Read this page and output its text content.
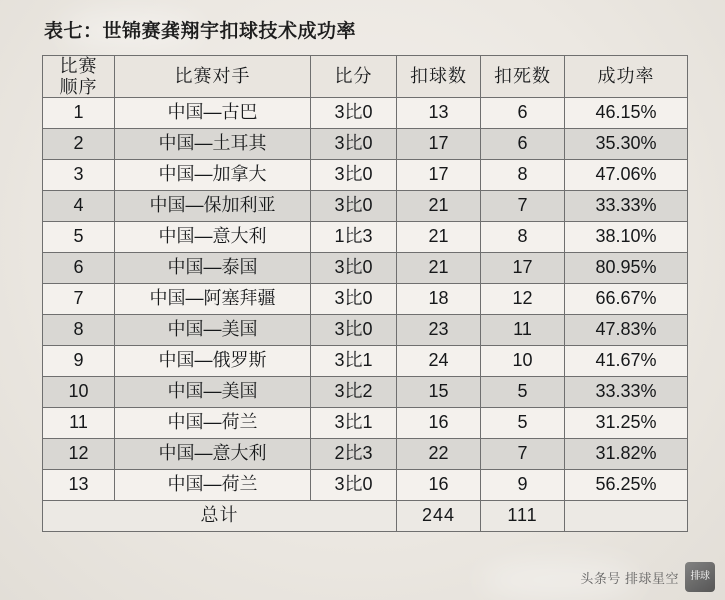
表七：世锦赛龚翔宇扣球技术成功率
比赛
顺序	比赛对手	比分	扣球数	扣死数	成功率
1	中国—古巴	3比0	13	6	46.15%
2	中国—土耳其	3比0	17	6	35.30%
3	中国—加拿大	3比0	17	8	47.06%
4	中国—保加利亚	3比0	21	7	33.33%
5	中国—意大利	1比3	21	8	38.10%
6	中国—泰国	3比0	21	17	80.95%
7	中国—阿塞拜疆	3比0	18	12	66.67%
8	中国—美国	3比0	23	11	47.83%
9	中国—俄罗斯	3比1	24	10	41.67%
10	中国—美国	3比2	15	5	33.33%
11	中国—荷兰	3比1	16	5	31.25%
12	中国—意大利	2比3	22	7	31.82%
13	中国—荷兰	3比0	16	9	56.25%
总计			244	111	
头条号 排球星空	排球
